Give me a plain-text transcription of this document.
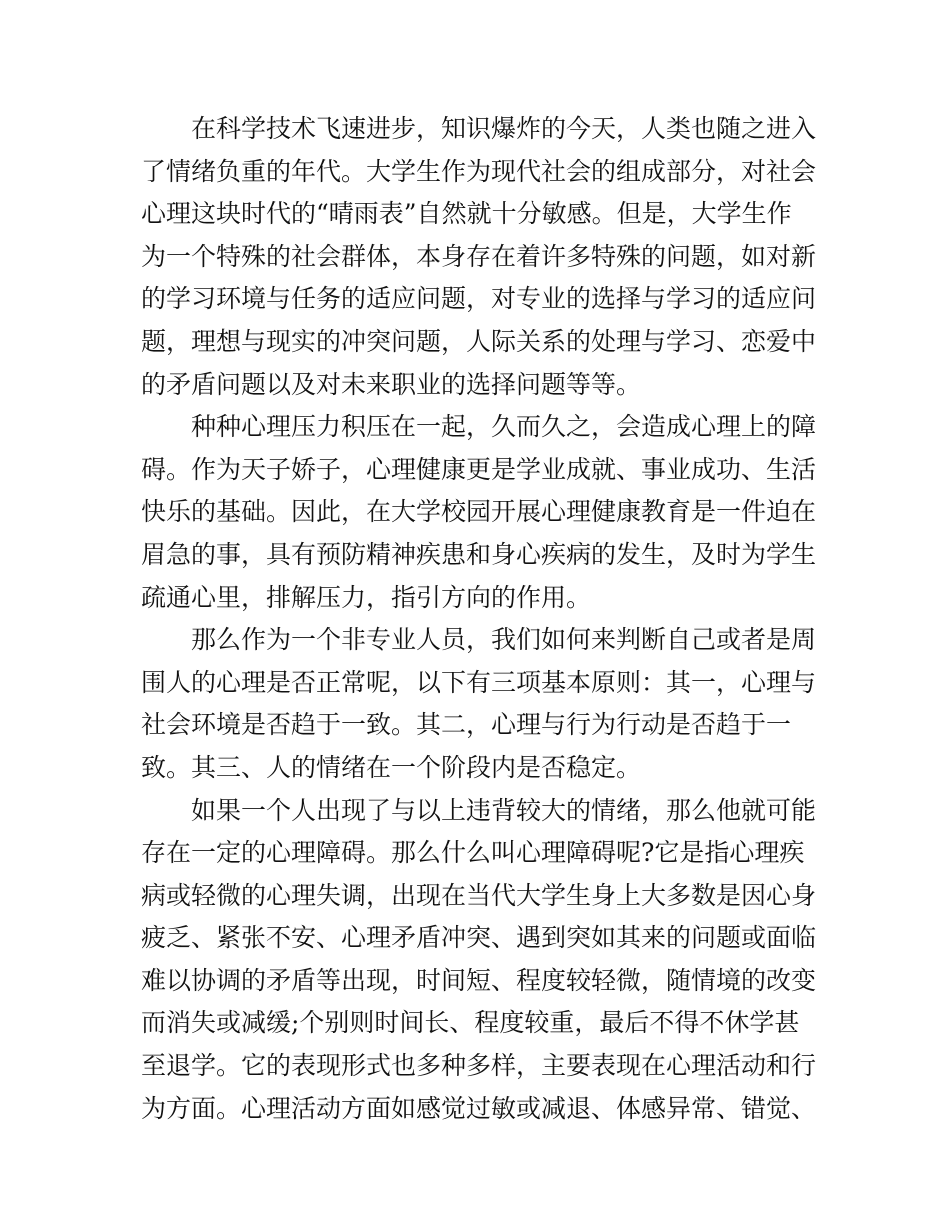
在科学技术飞速进步，知识爆炸的今天，人类也随之进入
了情绪负重的年代。大学生作为现代社会的组成部分，对社会
心理这块时代的“晴雨表”自然就十分敏感。但是，大学生作
为一个特殊的社会群体，本身存在着许多特殊的问题，如对新
的学习环境与任务的适应问题，对专业的选择与学习的适应问
题，理想与现实的冲突问题，人际关系的处理与学习、恋爱中
的矛盾问题以及对未来职业的选择问题等等。

种种心理压力积压在一起，久而久之，会造成心理上的障
碍。作为天子娇子，心理健康更是学业成就、事业成功、生活
快乐的基础。因此，在大学校园开展心理健康教育是一件迫在
眉急的事，具有预防精神疾患和身心疾病的发生，及时为学生
疏通心里，排解压力，指引方向的作用。

那么作为一个非专业人员，我们如何来判断自己或者是周
围人的心理是否正常呢，以下有三项基本原则：其一，心理与
社会环境是否趋于一致。其二，心理与行为行动是否趋于一
致。其三、人的情绪在一个阶段内是否稳定。

如果一个人出现了与以上违背较大的情绪，那么他就可能
存在一定的心理障碍。那么什么叫心理障碍呢?它是指心理疾
病或轻微的心理失调，出现在当代大学生身上大多数是因心身
疲乏、紧张不安、心理矛盾冲突、遇到突如其来的问题或面临
难以协调的矛盾等出现，时间短、程度较轻微，随情境的改变
而消失或减缓;个别则时间长、程度较重，最后不得不休学甚
至退学。它的表现形式也多种多样，主要表现在心理活动和行
为方面。心理活动方面如感觉过敏或减退、体感异常、错觉、
